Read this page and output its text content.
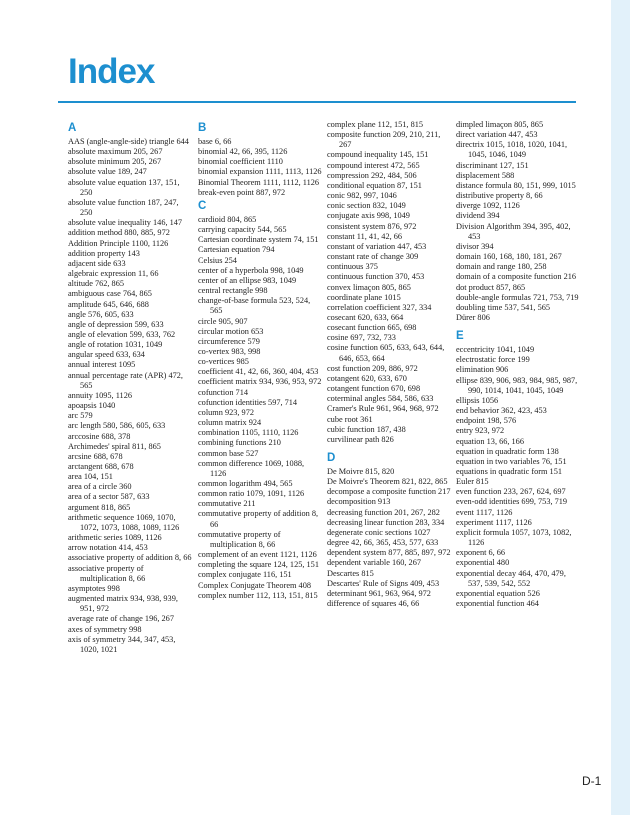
Index
A
AAS (angle-angle-side) triangle 644
absolute maximum 205, 267
absolute minimum 205, 267
absolute value 189, 247
absolute value equation 137, 151, 250
absolute value function 187, 247, 250
absolute value inequality 146, 147
addition method 880, 885, 972
Addition Principle 1100, 1126
addition property 143
adjacent side 633
algebraic expression 11, 66
altitude 762, 865
ambiguous case 764, 865
amplitude 645, 646, 688
angle 576, 605, 633
angle of depression 599, 633
angle of elevation 599, 633, 762
angle of rotation 1031, 1049
angular speed 633, 634
annual interest 1095
annual percentage rate (APR) 472, 565
annuity 1095, 1126
apoapsis 1040
arc 579
arc length 580, 586, 605, 633
arccosine 688, 378
Archimedes' spiral 811, 865
arcsine 688, 678
arctangent 688, 678
area 104, 151
area of a circle 360
area of a sector 587, 633
argument 818, 865
arithmetic sequence 1069, 1070, 1072, 1073, 1088, 1089, 1126
arithmetic series 1089, 1126
arrow notation 414, 453
associative property of addition 8, 66
associative property of multiplication 8, 66
asymptotes 998
augmented matrix 934, 938, 939, 951, 972
average rate of change 196, 267
axes of symmetry 998
axis of symmetry 344, 347, 453, 1020, 1021
B
base 6, 66
binomial 42, 66, 395, 1126
binomial coefficient 1110
binomial expansion 1111, 1113, 1126
Binomial Theorem 1111, 1112, 1126
break-even point 887, 972
C
cardioid 804, 865
carrying capacity 544, 565
Cartesian coordinate system 74, 151
Cartesian equation 794
Celsius 254
center of a hyperbola 998, 1049
center of an ellipse 983, 1049
central rectangle 998
change-of-base formula 523, 524, 565
circle 905, 907
circular motion 653
circumference 579
co-vertex 983, 998
co-vertices 985
coefficient 41, 42, 66, 360, 404, 453
coefficient matrix 934, 936, 953, 972
cofunction 714
cofunction identities 597, 714
column 923, 972
column matrix 924
combination 1105, 1110, 1126
combining functions 210
common base 527
common difference 1069, 1088, 1126
common logarithm 494, 565
common ratio 1079, 1091, 1126
commutative 211
commutative property of addition 8, 66
commutative property of multiplication 8, 66
complement of an event 1121, 1126
completing the square 124, 125, 151
complex conjugate 116, 151
Complex Conjugate Theorem 408
complex number 112, 113, 151, 815
complex plane 112, 151, 815
composite function 209, 210, 211, 267
compound inequality 145, 151
compound interest 472, 565
compression 292, 484, 506
conditional equation 87, 151
conic 982, 997, 1046
conic section 832, 1049
conjugate axis 998, 1049
consistent system 876, 972
constant 11, 41, 42, 66
constant of variation 447, 453
constant rate of change 309
continuous 375
continuous function 370, 453
convex limaçon 805, 865
coordinate plane 1015
correlation coefficient 327, 334
cosecant 620, 633, 664
cosecant function 665, 698
cosine 697, 732, 733
cosine function 605, 633, 643, 644, 646, 653, 664
cost function 209, 886, 972
cotangent 620, 633, 670
cotangent function 670, 698
coterminal angles 584, 586, 633
Cramer's Rule 961, 964, 968, 972
cube root 361
cubic function 187, 438
curvilinear path 826
D
De Moivre 815, 820
De Moivre's Theorem 821, 822, 865
decompose a composite function 217
decomposition 913
decreasing function 201, 267, 282
decreasing linear function 283, 334
degenerate conic sections 1027
degree 42, 66, 365, 453, 577, 633
dependent system 877, 885, 897, 972
dependent variable 160, 267
Descartes 815
Descartes' Rule of Signs 409, 453
determinant 961, 963, 964, 972
difference of squares 46, 66
dimpled limaçon 805, 865
direct variation 447, 453
directrix 1015, 1018, 1020, 1041, 1045, 1046, 1049
discriminant 127, 151
displacement 588
distance formula 80, 151, 999, 1015
distributive property 8, 66
diverge 1092, 1126
dividend 394
Division Algorithm 394, 395, 402, 453
divisor 394
domain 160, 168, 180, 181, 267
domain and range 180, 258
domain of a composite function 216
dot product 857, 865
double-angle formulas 721, 753, 719
doubling time 537, 541, 565
Dürer 806
E
eccentricity 1041, 1049
electrostatic force 199
elimination 906
ellipse 839, 906, 983, 984, 985, 987, 990, 1014, 1041, 1045, 1049
ellipsis 1056
end behavior 362, 423, 453
endpoint 198, 576
entry 923, 972
equation 13, 66, 166
equation in quadratic form 138
equation in two variables 76, 151
equations in quadratic form 151
Euler 815
even function 233, 267, 624, 697
even-odd identities 699, 753, 719
event 1117, 1126
experiment 1117, 1126
explicit formula 1057, 1073, 1082, 1126
exponent 6, 66
exponential 480
exponential decay 464, 470, 479, 537, 539, 542, 552
exponential equation 526
exponential function 464
D-1
